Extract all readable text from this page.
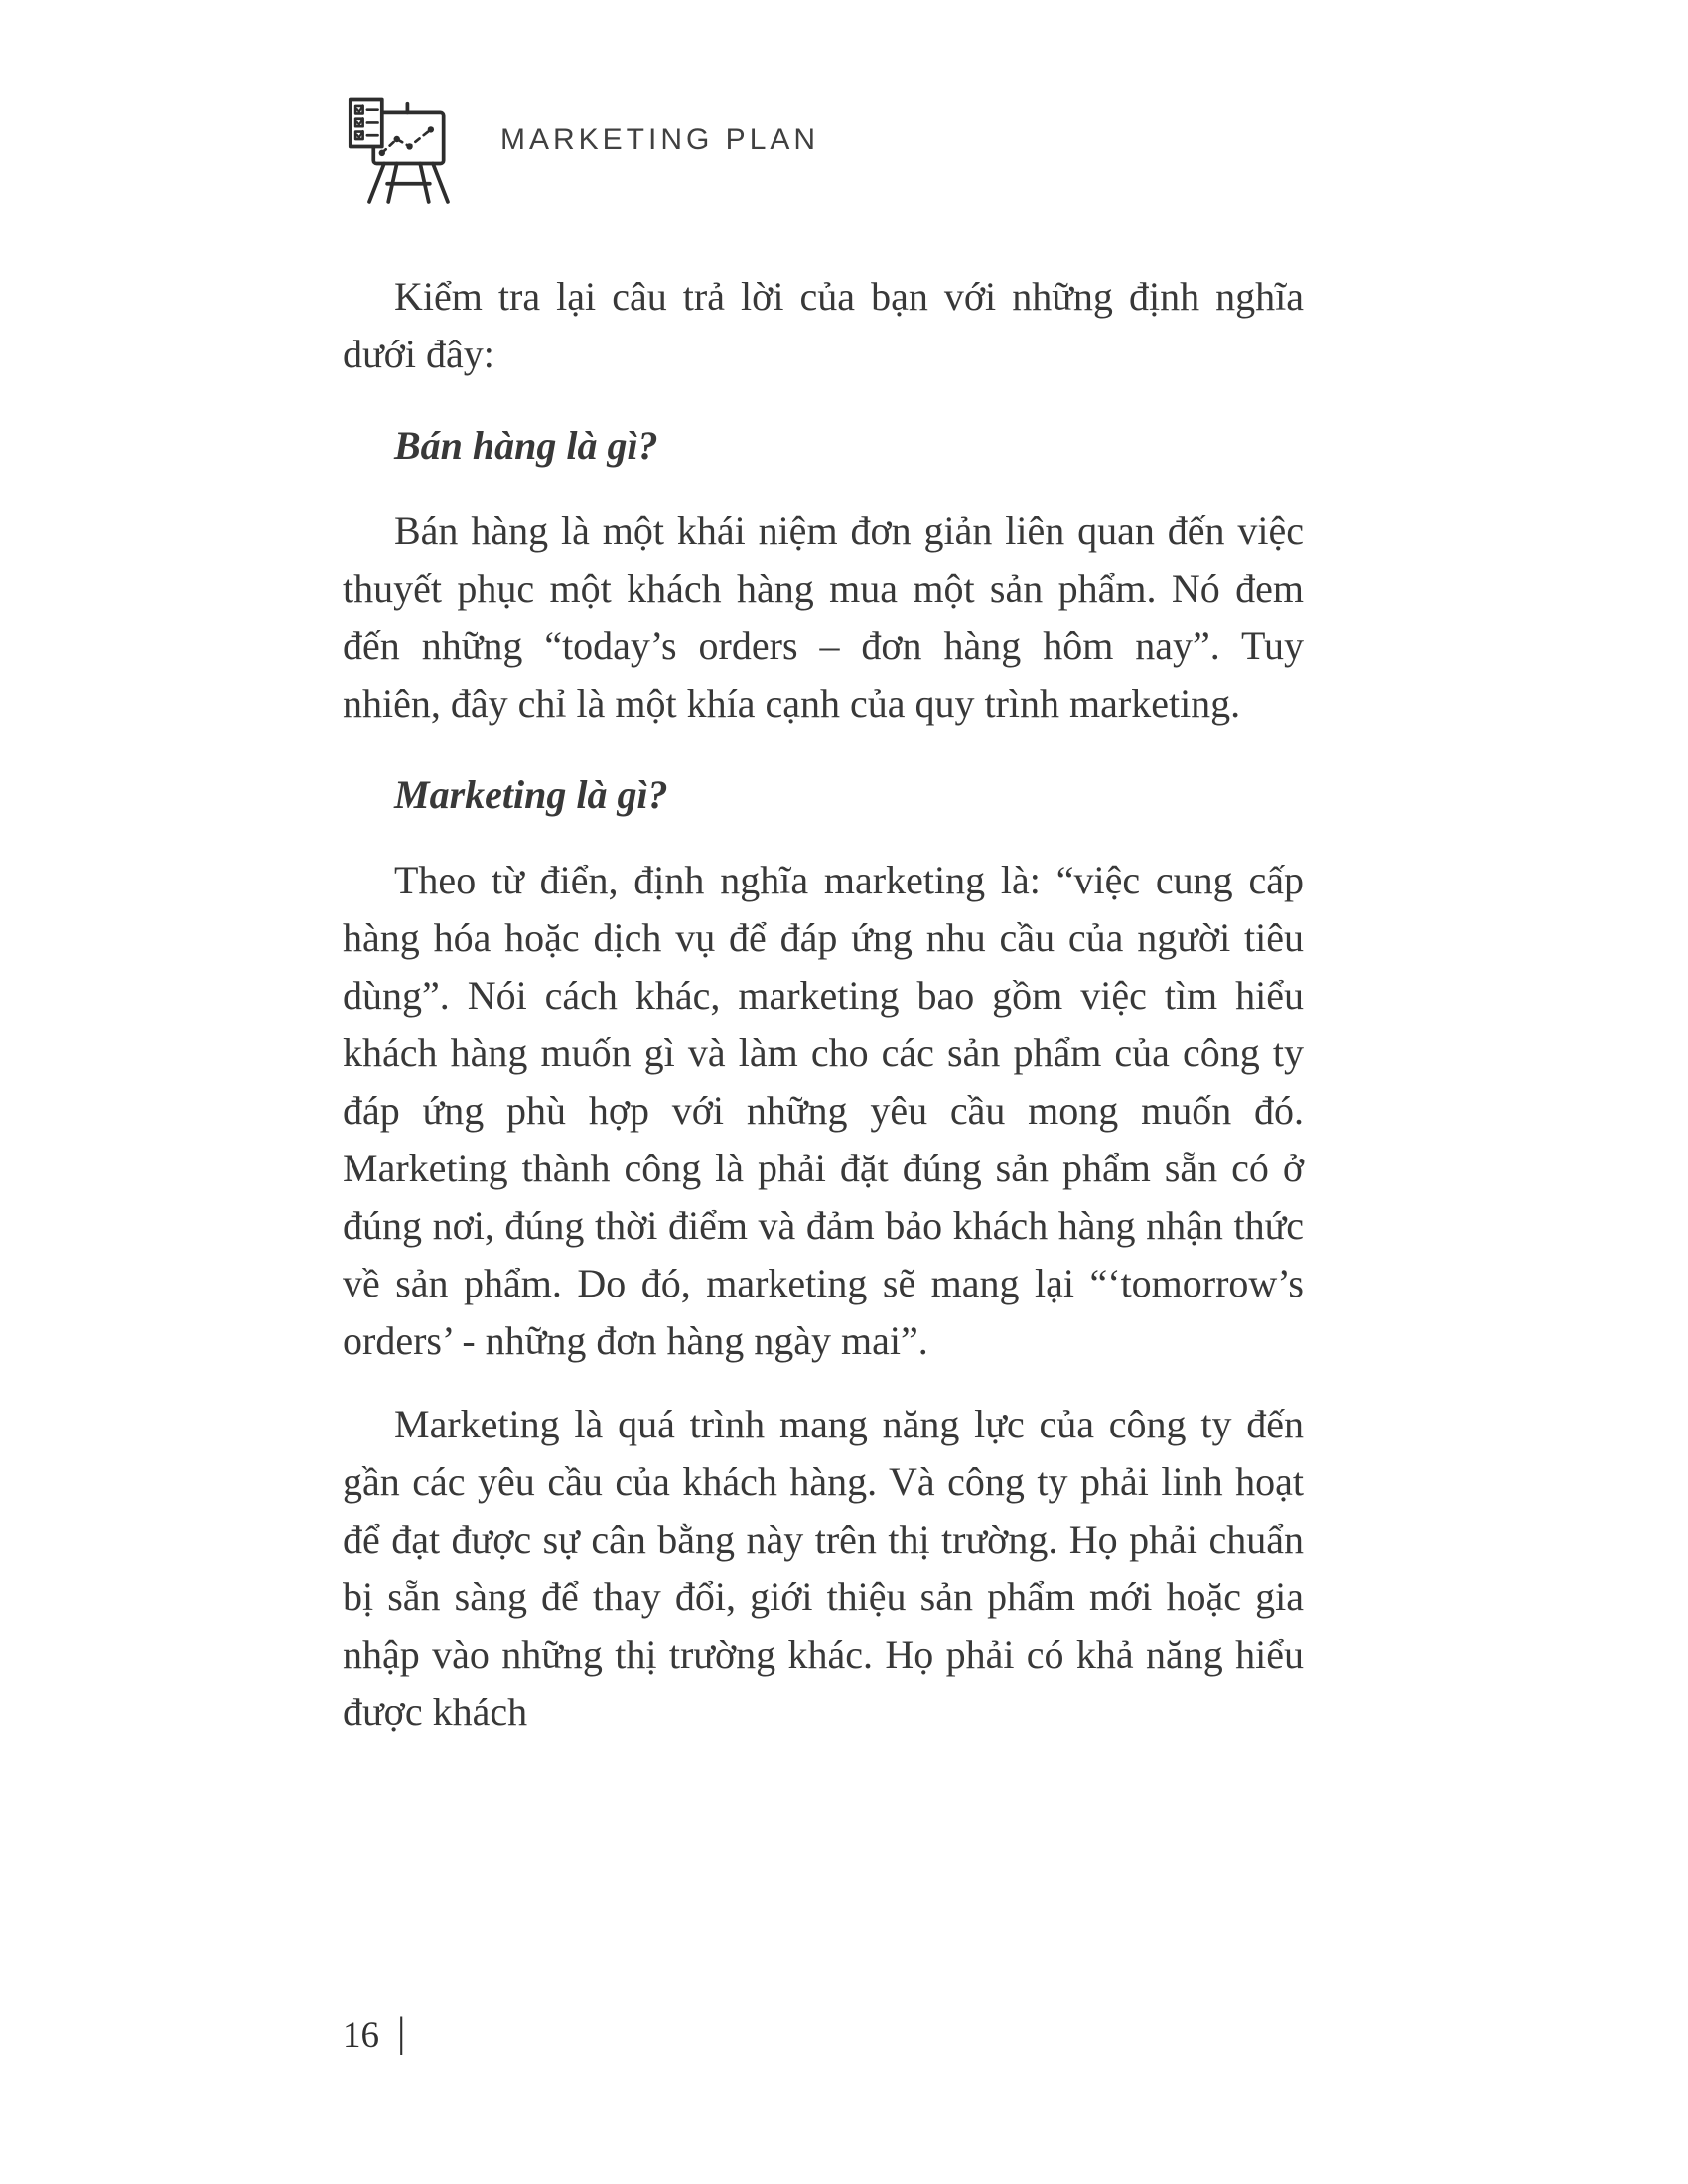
MARKETING PLAN

Kiểm tra lại câu trả lời của bạn với những định nghĩa dưới đây:

Bán hàng là gì?

Bán hàng là một khái niệm đơn giản liên quan đến việc thuyết phục một khách hàng mua một sản phẩm. Nó đem đến những “today’s orders – đơn hàng hôm nay”. Tuy nhiên, đây chỉ là một khía cạnh của quy trình marketing.

Marketing là gì?

Theo từ điển, định nghĩa marketing là: “việc cung cấp hàng hóa hoặc dịch vụ để đáp ứng nhu cầu của người tiêu dùng”. Nói cách khác, marketing bao gồm việc tìm hiểu khách hàng muốn gì và làm cho các sản phẩm của công ty đáp ứng phù hợp với những yêu cầu mong muốn đó. Marketing thành công là phải đặt đúng sản phẩm sẵn có ở đúng nơi, đúng thời điểm và đảm bảo khách hàng nhận thức về sản phẩm. Do đó, marketing sẽ mang lại “‘tomorrow’s orders’ - những đơn hàng ngày mai”.

Marketing là quá trình mang năng lực của công ty đến gần các yêu cầu của khách hàng. Và công ty phải linh hoạt để đạt được sự cân bằng này trên thị trường. Họ phải chuẩn bị sẵn sàng để thay đổi, giới thiệu sản phẩm mới hoặc gia nhập vào những thị trường khác. Họ phải có khả năng hiểu được khách

16 |
